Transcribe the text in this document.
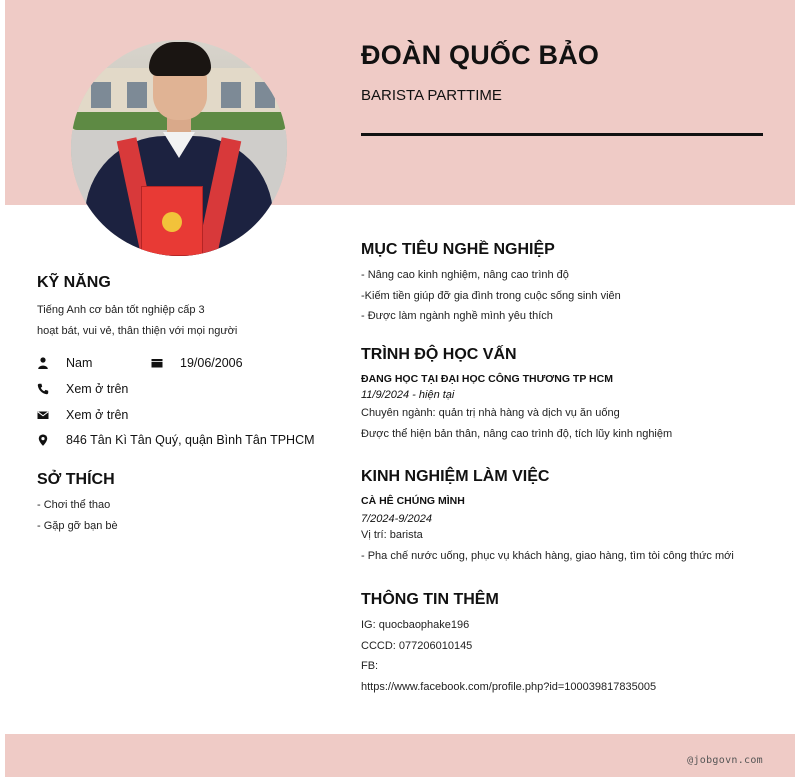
ĐOÀN QUỐC BẢO
BARISTA PARTTIME
KỸ NĂNG
Tiếng Anh cơ bản tốt nghiệp cấp 3
hoạt bát, vui vẻ, thân thiện với mọi người
Nam	19/06/2006
Xem ở trên
Xem ở trên
846 Tân Kì Tân Quý, quận Bình Tân TPHCM
SỞ THÍCH
- Chơi thể thao
- Gặp gỡ bạn bè
MỤC TIÊU NGHỀ NGHIỆP
- Nâng cao kinh nghiệm, nâng cao trình độ
-Kiếm tiền giúp đỡ gia đình trong cuộc sống sinh viên
- Được làm ngành nghề mình yêu thích
TRÌNH ĐỘ HỌC VẤN
ĐANG HỌC TẠI ĐẠI HỌC CÔNG THƯƠNG TP HCM
11/9/2024 - hiện tại
Chuyên ngành: quản trị nhà hàng và dịch vụ ăn uống
Được thể hiện bản thân, nâng cao trình độ, tích lũy kinh nghiệm
KINH NGHIỆM LÀM VIỆC
CÀ HÊ CHÚNG MÌNH
7/2024-9/2024
Vị trí: barista
- Pha chế nước uống, phục vụ khách hàng, giao hàng, tìm tòi công thức mới
THÔNG TIN THÊM
IG: quocbaophake196
CCCD: 077206010145
FB:
https://www.facebook.com/profile.php?id=100039817835005
@jobgovn.com
